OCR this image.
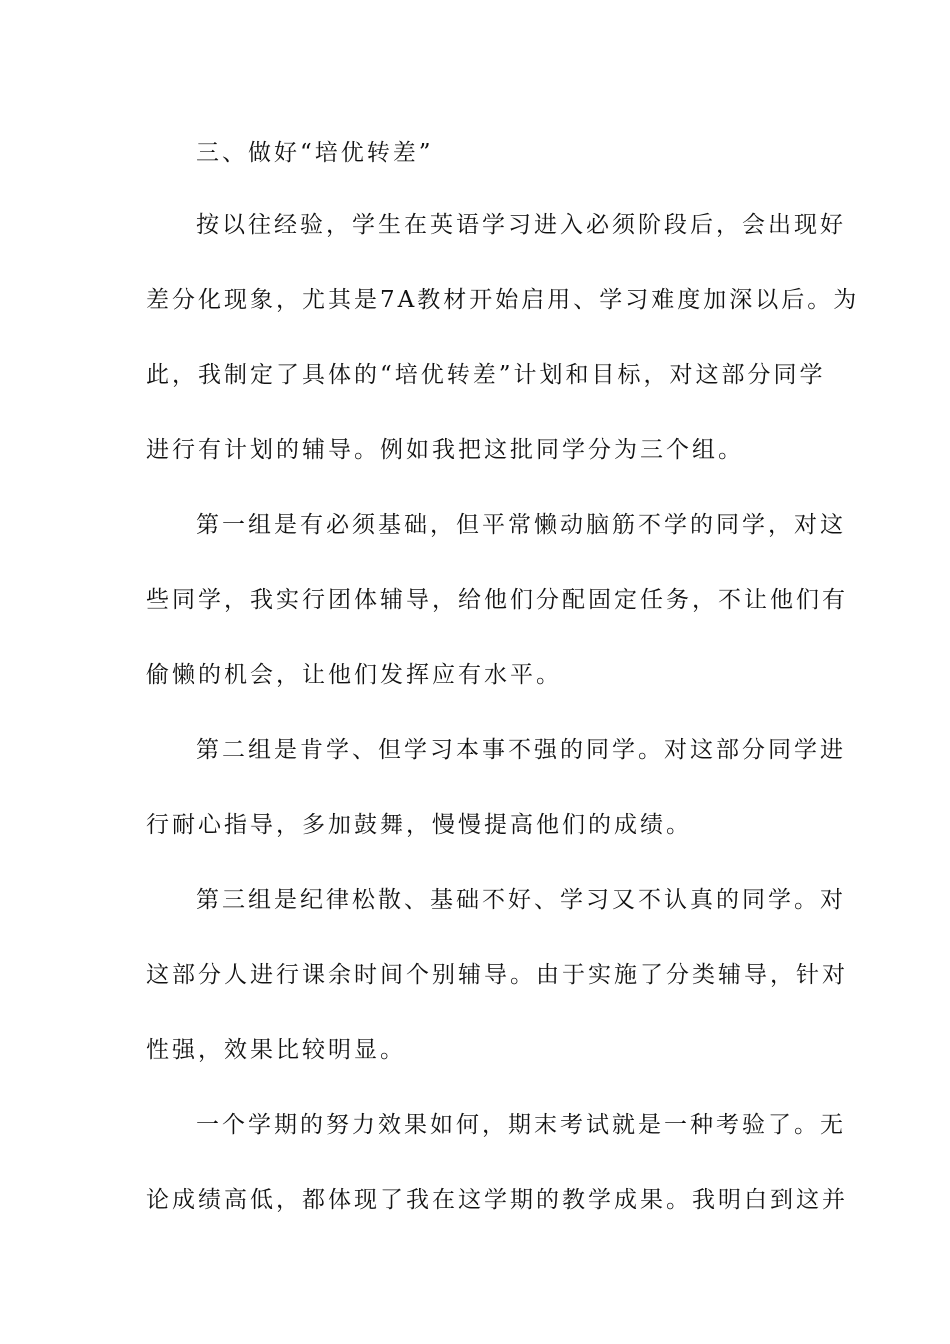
三、做好“培优转差”
按以往经验，学生在英语学习进入必须阶段后，会出现好
差分化现象，尤其是7A教材开始启用、学习难度加深以后。为
此，我制定了具体的“培优转差”计划和目标，对这部分同学
进行有计划的辅导。例如我把这批同学分为三个组。
第一组是有必须基础，但平常懒动脑筋不学的同学，对这
些同学，我实行团体辅导，给他们分配固定任务，不让他们有
偷懒的机会，让他们发挥应有水平。
第二组是肯学、但学习本事不强的同学。对这部分同学进
行耐心指导，多加鼓舞，慢慢提高他们的成绩。
第三组是纪律松散、基础不好、学习又不认真的同学。对
这部分人进行课余时间个别辅导。由于实施了分类辅导，针对
性强，效果比较明显。
一个学期的努力效果如何，期末考试就是一种考验了。无
论成绩高低，都体现了我在这学期的教学成果。我明白到这并
